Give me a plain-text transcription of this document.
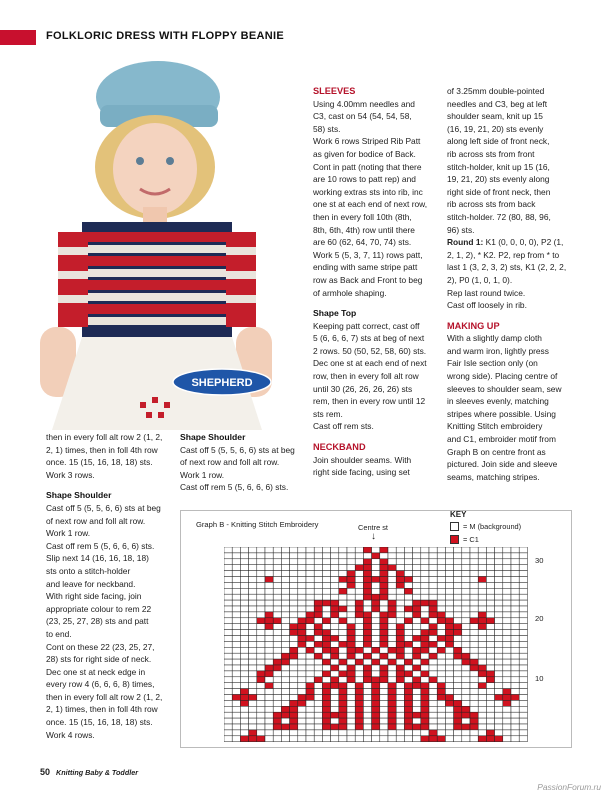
FOLKLORIC DRESS WITH FLOPPY BEANIE
SHEPHERD

then in every foll alt row 2 (1, 2,

2, 1) times, then in foll 4th row

once. 15 (15, 16, 18, 18) sts.

Work 3 rows.

Shape Shoulder

Cast off 5 (5, 5, 6, 6) sts at beg

of next row and foll alt row.

Work 1 row.

Cast off rem 5 (5, 6, 6, 6) sts.

Slip next 14 (16, 16, 18, 18)

sts onto a stitch-holder

and leave for neckband.

With right side facing, join

appropriate colour to rem 22

(23, 25, 27, 28) sts and patt

to end.

Cont on these 22 (23, 25, 27,

28) sts for right side of neck.

Dec one st at neck edge in

every row 4 (6, 6, 6, 8) times,

then in every foll alt row 2 (1, 2,

2, 1) times, then in foll 4th row

once. 15 (15, 16, 18, 18) sts.

Work 4 rows.

Shape Shoulder

Cast off 5 (5, 5, 6, 6) sts at beg

of next row and foll alt row.

Work 1 row.

Cast off rem 5 (5, 6, 6, 6) sts.

SLEEVES

Using 4.00mm needles and

C3, cast on 54 (54, 54, 58,

58) sts.

Work 6 rows Striped Rib Patt

as given for bodice of Back.

Cont in patt (noting that there

are 10 rows to patt rep) and

working extras sts into rib, inc

one st at each end of next row,

then in every foll 10th (8th,

8th, 6th, 4th) row until there

are 60 (62, 64, 70, 74) sts.

Work 5 (5, 3, 7, 11) rows patt,

ending with same stripe patt

row as Back and Front to beg

of armhole shaping.

Shape Top

Keeping patt correct, cast off

5 (6, 6, 6, 7) sts at beg of next

2 rows. 50 (50, 52, 58, 60) sts.

Dec one st at each end of next

row, then in every foll alt row

until 30 (26, 26, 26, 26) sts

rem, then in every row until 12

sts rem.

Cast off rem sts.

NECKBAND

Join shoulder seams. With

right side facing, using set

of 3.25mm double-pointed

needles and C3, beg at left

shoulder seam, knit up 15

(16, 19, 21, 20) sts evenly

along left side of front neck,

rib across sts from front

stitch-holder, knit up 15 (16,

19, 21, 20) sts evenly along

right side of front neck, then

rib across sts from back

stitch-holder. 72 (80, 88, 96,

96) sts.

Round 1: K1 (0, 0, 0, 0), P2 (1,

2, 1, 2), * K2. P2, rep from * to

last 1 (3, 2, 3, 2) sts, K1 (2, 2, 2,

2), P0 (1, 0, 1, 0).

Rep last round twice.

Cast off loosely in rib.

MAKING UP

With a slightly damp cloth

and warm iron, lightly press

Fair Isle section only (on

wrong side). Placing centre of

sleeves to shoulder seam, sew

in sleeves evenly, matching

stripes where possible. Using

Knitting Stitch embroidery

and C1, embroider motif from

Graph B on centre front as

pictured. Join side and sleeve

seams, matching stripes.

Graph B - Knitting Stitch Embroidery	Centre st
↓
KEY
= M (background)
= C1
30
20
10
50 Knitting Baby & Toddler
PassionForum.ru
